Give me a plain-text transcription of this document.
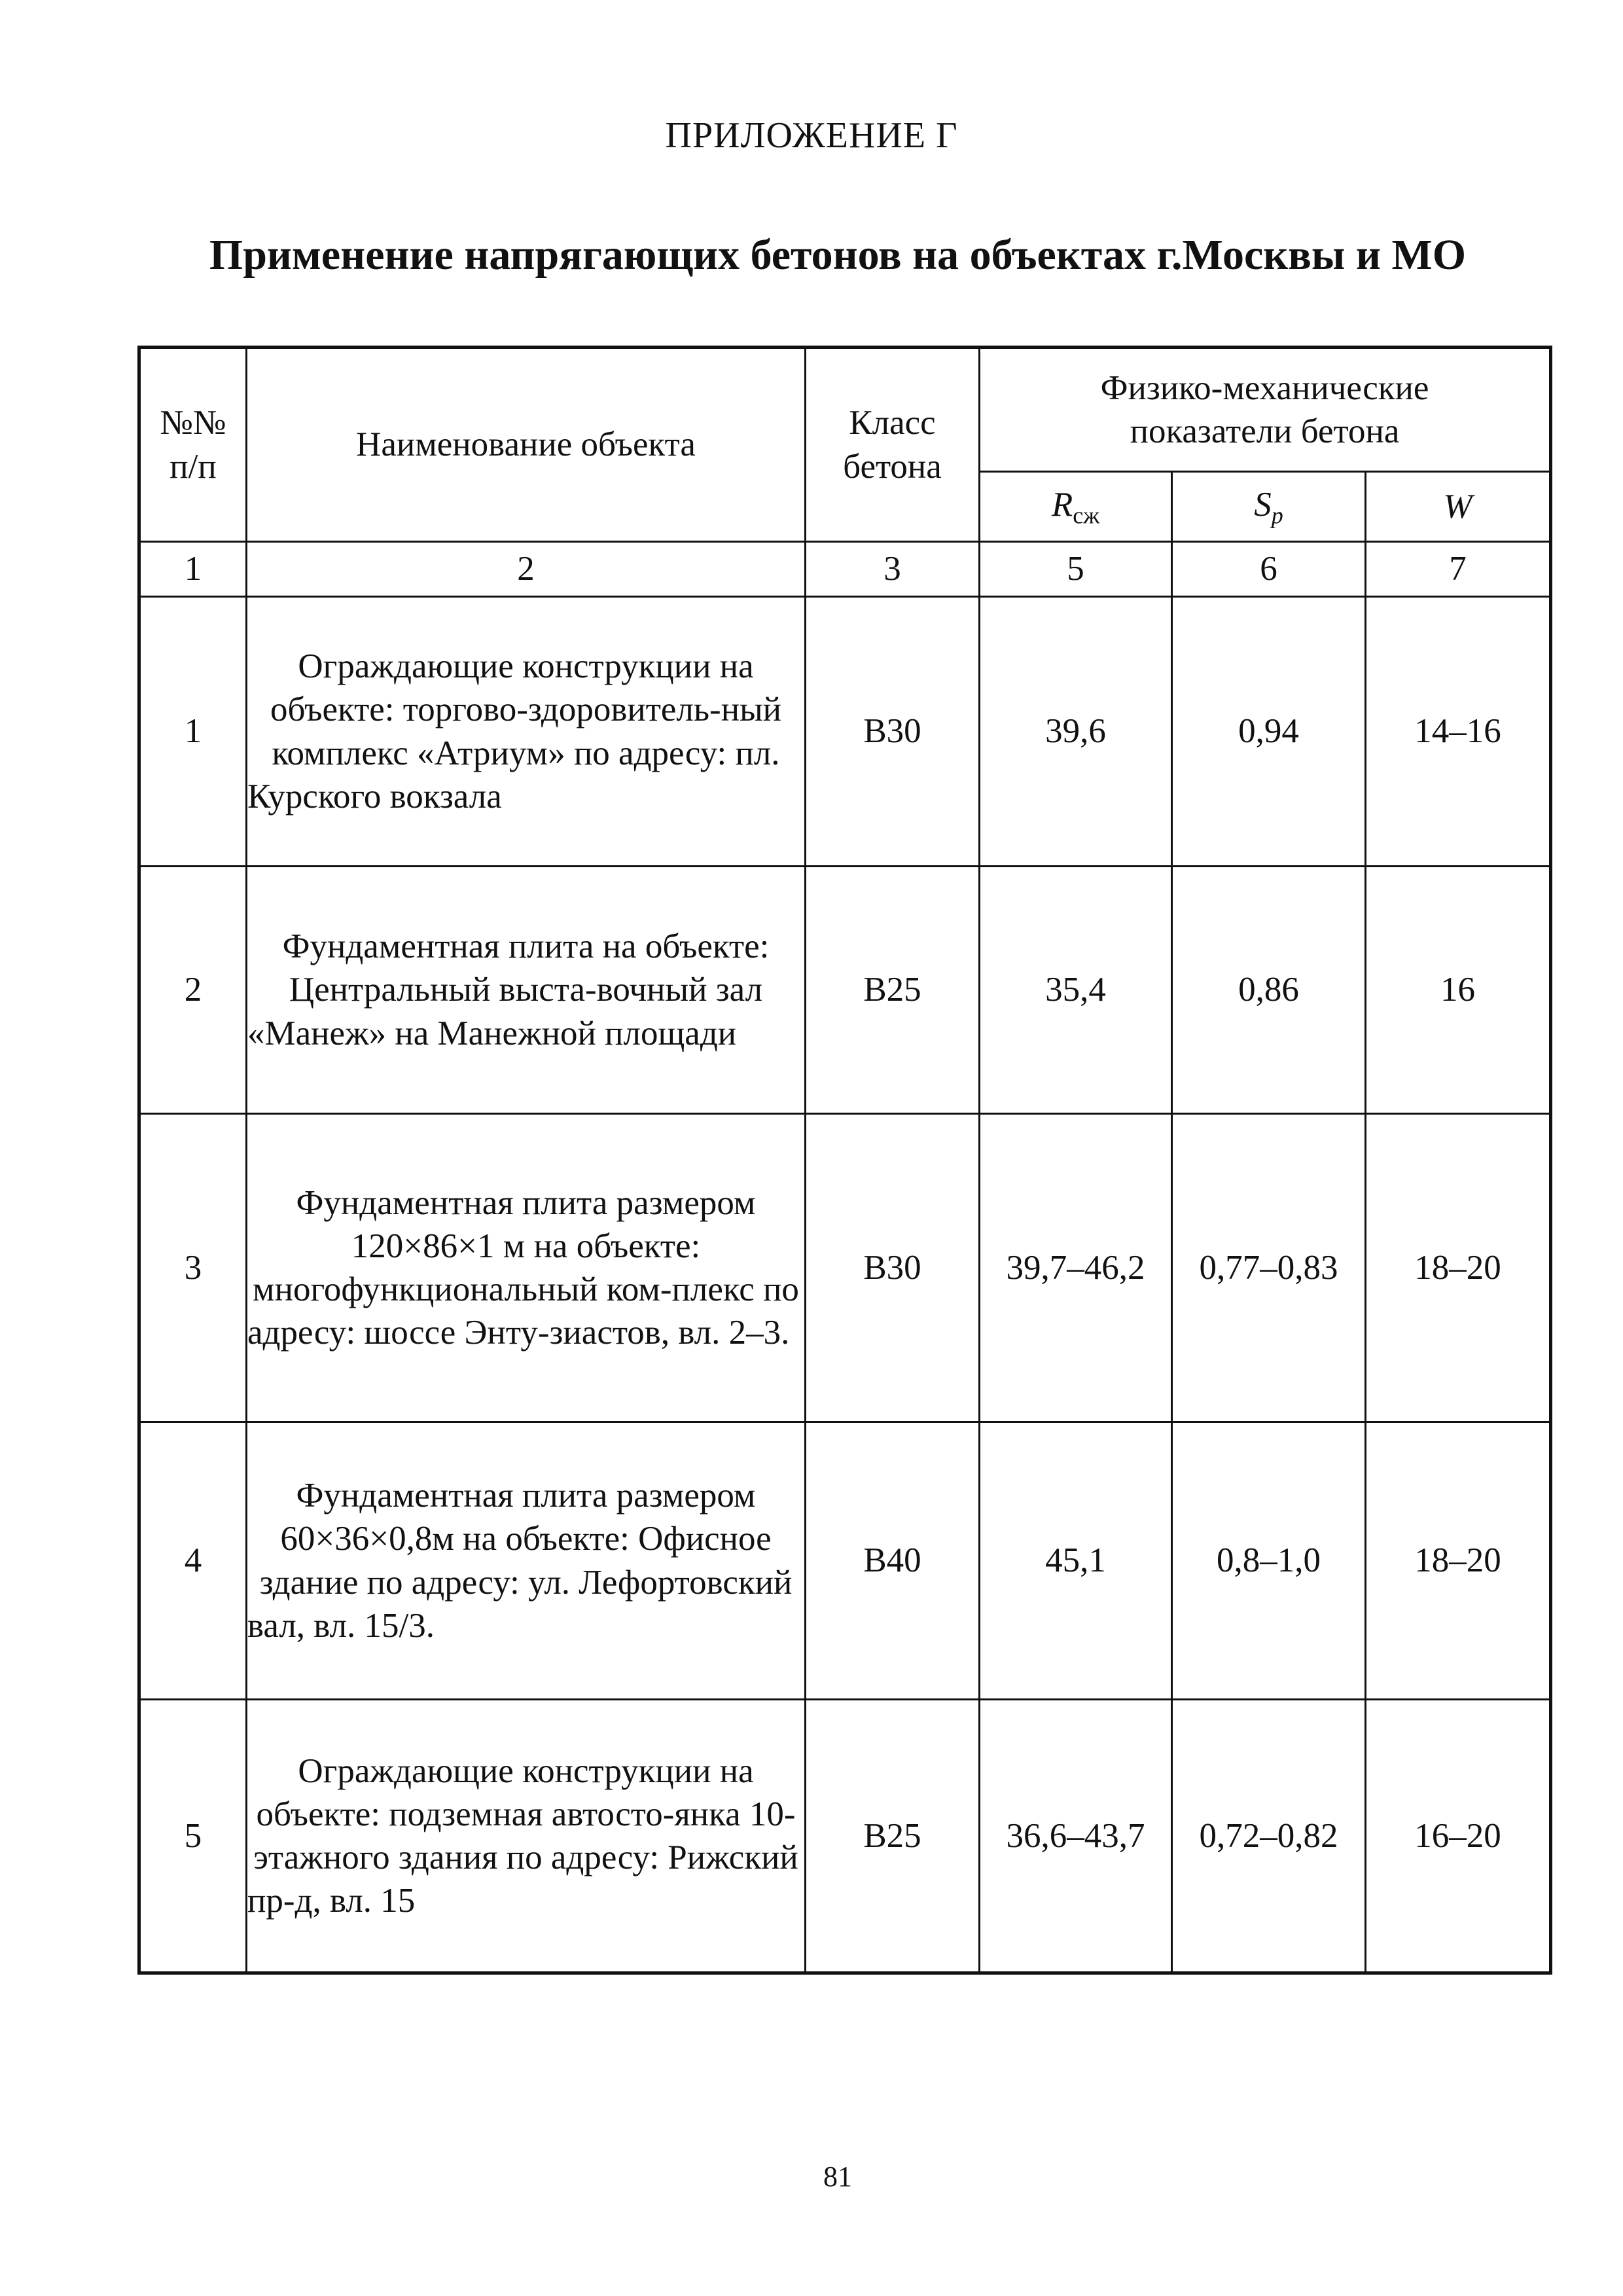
ПРИЛОЖЕНИЕ Г
Применение напрягающих бетонов на объектах г.Москвы и МО
№№ п/п	Наименование объекта	Класс бетона	Физико-механические показатели бетона		
			$R_{сж}$	$S_p$	W
1	2	3	5	6	7
1	Ограждающие конструкции на объекте: торгово-здоровитель-ный комплекс «Атриум» по адресу: пл. Курского вокзала	В30	39,6	0,94	14–16
2	Фундаментная плита на объекте: Центральный выста-вочный зал «Манеж» на Манежной площади	В25	35,4	0,86	16
3	Фундаментная плита размером 120×86×1 м на объекте: многофункциональный ком-плекс по адресу: шоссе Энту-зиастов, вл. 2–3.	В30	39,7–46,2	0,77–0,83	18–20
4	Фундаментная плита размером 60×36×0,8м на объекте: Офисное здание по адресу: ул. Лефортовский вал, вл. 15/3.	В40	45,1	0,8–1,0	18–20
5	Ограждающие конструкции на объекте: подземная автосто-янка 10-этажного здания по адресу: Рижский пр-д, вл. 15	В25	36,6–43,7	0,72–0,82	16–20
81
